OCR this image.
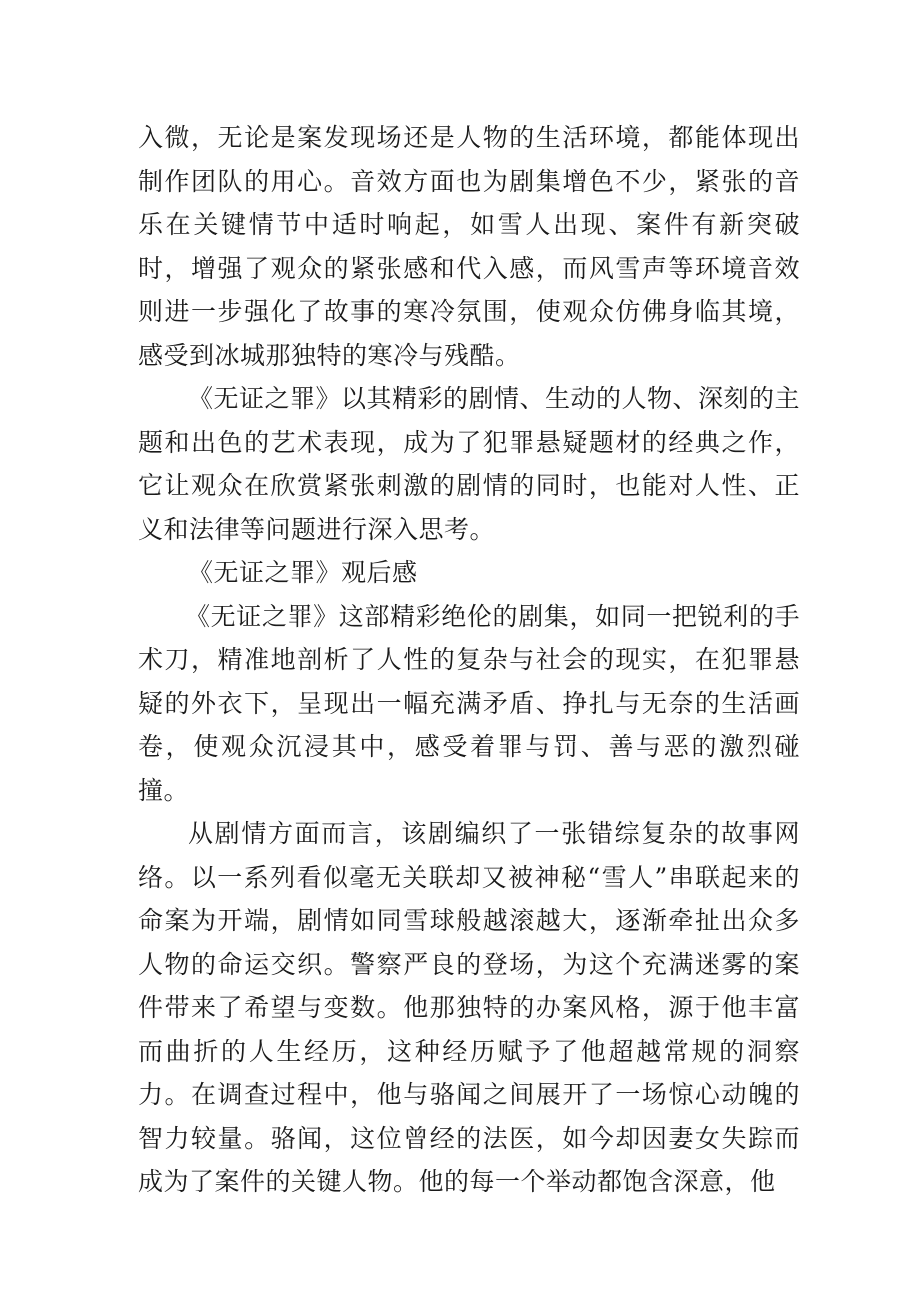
入微，无论是案发现场还是人物的生活环境，都能体现出制作团队的用心。音效方面也为剧集增色不少，紧张的音乐在关键情节中适时响起，如雪人出现、案件有新突破时，增强了观众的紧张感和代入感，而风雪声等环境音效则进一步强化了故事的寒冷氛围，使观众仿佛身临其境，感受到冰城那独特的寒冷与残酷。

《无证之罪》以其精彩的剧情、生动的人物、深刻的主题和出色的艺术表现，成为了犯罪悬疑题材的经典之作，它让观众在欣赏紧张刺激的剧情的同时，也能对人性、正义和法律等问题进行深入思考。

《无证之罪》观后感

《无证之罪》这部精彩绝伦的剧集，如同一把锐利的手术刀，精准地剖析了人性的复杂与社会的现实，在犯罪悬疑的外衣下，呈现出一幅充满矛盾、挣扎与无奈的生活画卷，使观众沉浸其中，感受着罪与罚、善与恶的激烈碰撞。

从剧情方面而言，该剧编织了一张错综复杂的故事网络。以一系列看似毫无关联却又被神秘“雪人”串联起来的命案为开端，剧情如同雪球般越滚越大，逐渐牵扯出众多人物的命运交织。警察严良的登场，为这个充满迷雾的案件带来了希望与变数。他那独特的办案风格，源于他丰富而曲折的人生经历，这种经历赋予了他超越常规的洞察力。在调查过程中，他与骆闻之间展开了一场惊心动魄的智力较量。骆闻，这位曾经的法医，如今却因妻女失踪而成为了案件的关键人物。他的每一个举动都饱含深意，他
